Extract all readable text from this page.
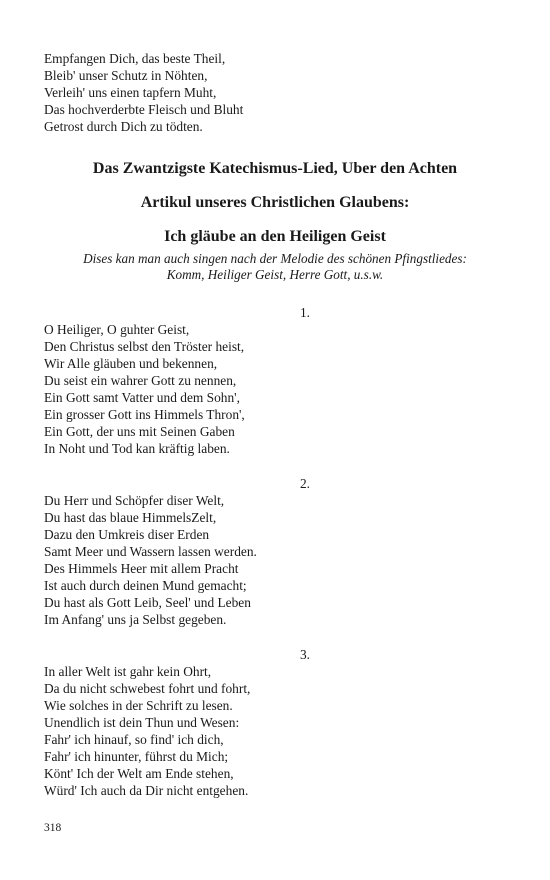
Empfangen Dich, das beste Theil,
Bleib' unser Schutz in Nöhten,
Verleih' uns einen tapfern Muht,
Das hochverderbte Fleisch und Bluht
Getrost durch Dich zu tödten.
Das Zwantzigste Katechismus-Lied, Uber den Achten
Artikul unseres Christlichen Glaubens:
Ich gläube an den Heiligen Geist
Dises kan man auch singen nach der Melodie des schönen Pfingstliedes:
Komm, Heiliger Geist, Herre Gott, u.s.w.
1.
O Heiliger, O guhter Geist,
Den Christus selbst den Tröster heist,
Wir Alle gläuben und bekennen,
Du seist ein wahrer Gott zu nennen,
Ein Gott samt Vatter und dem Sohn',
Ein grosser Gott ins Himmels Thron',
Ein Gott, der uns mit Seinen Gaben
In Noht und Tod kan kräftig laben.
2.
Du Herr und Schöpfer diser Welt,
Du hast das blaue HimmelsZelt,
Dazu den Umkreis diser Erden
Samt Meer und Wassern lassen werden.
Des Himmels Heer mit allem Pracht
Ist auch durch deinen Mund gemacht;
Du hast als Gott Leib, Seel' und Leben
Im Anfang' uns ja Selbst gegeben.
3.
In aller Welt ist gahr kein Ohrt,
Da du nicht schwebest fohrt und fohrt,
Wie solches in der Schrift zu lesen.
Unendlich ist dein Thun und Wesen:
Fahr' ich hinauf, so find' ich dich,
Fahr' ich hinunter, führst du Mich;
Könt' Ich der Welt am Ende stehen,
Würd' Ich auch da Dir nicht entgehen.
318
